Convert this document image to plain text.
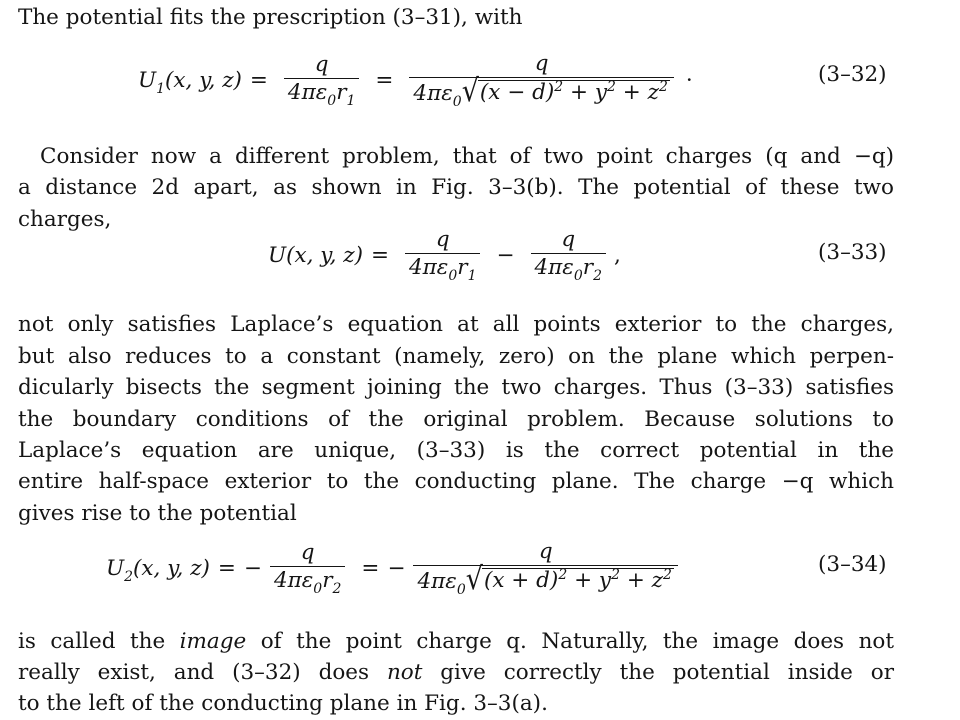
The potential fits the prescription (3–31), with
$U_1(x$, y, $z) = \frac{q}{4\pi\varepsilon_0r_1} = \frac{q}{4\pi\varepsilon_0 √ (x - d)^2 + y^2 + z^2}$ ·	(3–32)
Consider now a different problem, that of two point charges (q and −q)
a distance 2d apart, as shown in Fig. 3–3(b). The potential of these two
charges,
U(x, y, $z) = \frac{q}{4\pi\varepsilon_0r_1} - \frac{q}{4\pi\varepsilon_0r_2}$ ,	(3–33)
not only satisfies Laplace’s equation at all points exterior to the charges,
but also reduces to a constant (namely, zero) on the plane which perpen-
dicularly bisects the segment joining the two charges. Thus (3–33) satisfies
the boundary conditions of the original problem. Because solutions to
Laplace’s equation are unique, (3–33) is the correct potential in the
entire half-space exterior to the conducting plane. The charge −q which
gives rise to the potential
$U_2(x$, y, z) = − $\frac{q}{4\pi\varepsilon_0r_2}$ = − $\frac{q}{4\pi\varepsilon_0 √ (x + d)^2 + y^2 + z^2}$	(3–34)
is called the image of the point charge q. Naturally, the image does not
really exist, and (3–32) does not give correctly the potential inside or
to the left of the conducting plane in Fig. 3–3(a).
